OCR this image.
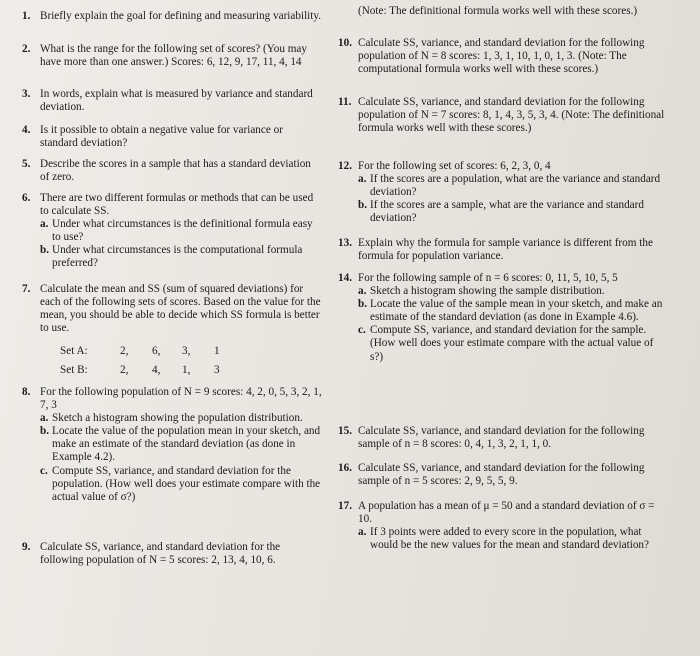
1. Briefly explain the goal for defining and measuring variability.
2. What is the range for the following set of scores? (You may have more than one answer.) Scores: 6, 12, 9, 17, 11, 4, 14
3. In words, explain what is measured by variance and standard deviation.
4. Is it possible to obtain a negative value for variance or standard deviation?
5. Describe the scores in a sample that has a standard deviation of zero.
6. There are two different formulas or methods that can be used to calculate SS.
a. Under what circumstances is the definitional formula easy to use?
b. Under what circumstances is the computational formula preferred?
7. Calculate the mean and SS (sum of squared deviations) for each of the following sets of scores. Based on the value for the mean, you should be able to decide which SS formula is better to use.
Set A:	2, 6, 3, 1
Set B:	2, 4, 1, 3
8. For the following population of N = 9 scores: 4, 2, 0, 5, 3, 2, 1, 7, 3
a. Sketch a histogram showing the population distribution.
b. Locate the value of the population mean in your sketch, and make an estimate of the standard deviation (as done in Example 4.2).
c. Compute SS, variance, and standard deviation for the population. (How well does your estimate compare with the actual value of σ?)
9. Calculate SS, variance, and standard deviation for the following population of N = 5 scores: 2, 13, 4, 10, 6.
(Note: The definitional formula works well with these scores.)
10. Calculate SS, variance, and standard deviation for the following population of N = 8 scores: 1, 3, 1, 10, 1, 0, 1, 3. (Note: The computational formula works well with these scores.)
11. Calculate SS, variance, and standard deviation for the following population of N = 7 scores: 8, 1, 4, 3, 5, 3, 4. (Note: The definitional formula works well with these scores.)
12. For the following set of scores: 6, 2, 3, 0, 4
a. If the scores are a population, what are the variance and standard deviation?
b. If the scores are a sample, what are the variance and standard deviation?
13. Explain why the formula for sample variance is different from the formula for population variance.
14. For the following sample of n = 6 scores: 0, 11, 5, 10, 5, 5
a. Sketch a histogram showing the sample distribution.
b. Locate the value of the sample mean in your sketch, and make an estimate of the standard deviation (as done in Example 4.6).
c. Compute SS, variance, and standard deviation for the sample. (How well does your estimate compare with the actual value of s?)
15. Calculate SS, variance, and standard deviation for the following sample of n = 8 scores: 0, 4, 1, 3, 2, 1, 1, 0.
16. Calculate SS, variance, and standard deviation for the following sample of n = 5 scores: 2, 9, 5, 5, 9.
17. A population has a mean of μ = 50 and a standard deviation of σ = 10.
a. If 3 points were added to every score in the population, what would be the new values for the mean and standard deviation?
